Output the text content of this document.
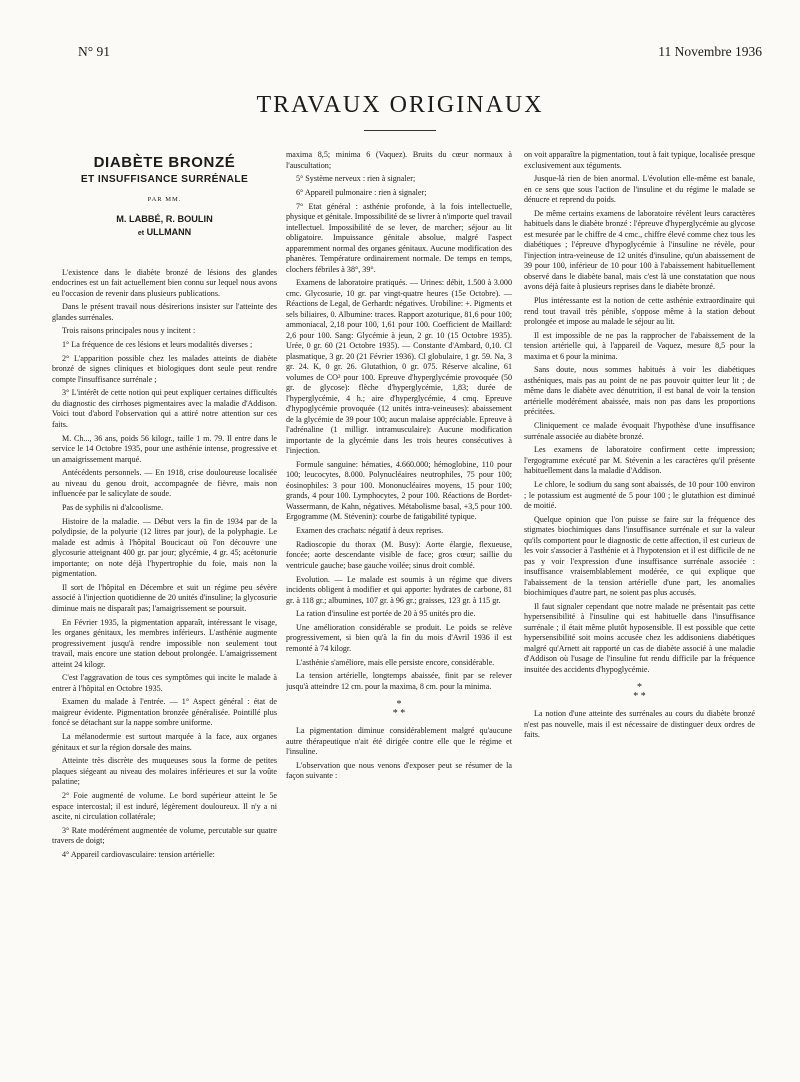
N° 91	11 Novembre 1936
TRAVAUX ORIGINAUX
DIABÈTE BRONZÉ
ET INSUFFISANCE SURRÉNALE
PAR MM.
M. LABBÉ, R. BOULIN
et ULLMANN

L'existence dans le diabète bronzé de lésions des glandes endocrines est un fait actuellement bien connu sur lequel nous avons eu l'occasion de revenir dans plusieurs publications.

Dans le présent travail nous désirerions insister sur l'atteinte des glandes surrénales.

Trois raisons principales nous y incitent :

1° La fréquence de ces lésions et leurs modalités diverses ;

2° L'apparition possible chez les malades atteints de diabète bronzé de signes cliniques et biologiques dont seule peut rendre compte l'insuffisance surrénale ;

3° L'intérêt de cette notion qui peut expliquer certaines difficultés du diagnostic des cirrhoses pigmentaires avec la maladie d'Addison. Voici tout d'abord l'observation qui a attiré notre attention sur ces faits.

M. Ch..., 36 ans, poids 56 kilogr., taille 1 m. 79. Il entre dans le service le 14 Octobre 1935, pour une asthénie intense, progressive et un amaigrissement marqué.

Antécédents personnels. — En 1918, crise douloureuse localisée au niveau du genou droit, accompagnée de fièvre, mais non influencée par le salicylate de soude.

Pas de syphilis ni d'alcoolisme.

Histoire de la maladie. — Début vers la fin de 1934 par de la polydipsie, de la polyurie (12 litres par jour), de la polyphagie. Le malade est admis à l'hôpital Boucicaut où l'on découvre une glycosurie atteignant 400 gr. par jour; glycémie, 4 gr. 45; acétonurie importante; on note déjà l'hypertrophie du foie, mais non la pigmentation.

Il sort de l'hôpital en Décembre et suit un régime peu sévère associé à l'injection quotidienne de 20 unités d'insuline; la glycosurie diminue mais ne disparaît pas; l'amaigrissement se poursuit.

En Février 1935, la pigmentation apparaît, intéressant le visage, les organes génitaux, les membres inférieurs. L'asthénie augmente progressivement jusqu'à rendre impossible non seulement tout travail, mais encore une station debout prolongée. L'amaigrissement atteint 24 kilogr.

C'est l'aggravation de tous ces symptômes qui incite le malade à entrer à l'hôpital en Octobre 1935.

Examen du malade à l'entrée. — 1° Aspect général : état de maigreur évidente. Pigmentation bronzée généralisée. Pointillé plus foncé se détachant sur la nappe sombre uniforme.

La mélanodermie est surtout marquée à la face, aux organes génitaux et sur la région dorsale des mains.

Atteinte très discrète des muqueuses sous la forme de petites plaques siégeant au niveau des molaires inférieures et sur la voûte palatine;

2° Foie augmenté de volume. Le bord supérieur atteint le 5e espace intercostal; il est induré, légèrement douloureux. Il n'y a ni ascite, ni circulation collatérale;

3° Rate modérément augmentée de volume, percutable sur quatre travers de doigt;

4° Appareil cardiovasculaire: tension artérielle:

maxima 8,5; minima 6 (Vaquez). Bruits du cœur normaux à l'auscultation;

5° Système nerveux : rien à signaler;

6° Appareil pulmonaire : rien à signaler;

7° Etat général : asthénie profonde, à la fois intellectuelle, physique et génitale. Impossibilité de se livrer à n'importe quel travail intellectuel. Impossibilité de se lever, de marcher; séjour au lit obligatoire. Impuissance génitale absolue, malgré l'aspect apparemment normal des organes génitaux. Aucune modification des phanères. Température ordinairement normale. De temps en temps, clochers fébriles à 38°, 39°.

Examens de laboratoire pratiqués. — Urines: débit, 1.500 à 3.000 cmc. Glycosurie, 10 gr. par vingt-quatre heures (15e Octobre). — Réactions de Legal, de Gerhardt: négatives. Urobiline: +. Pigments et sels biliaires, 0. Albumine: traces. Rapport azoturique, 81,6 pour 100; ammoniacal, 2,18 pour 100, 1,61 pour 100. Coefficient de Maillard: 2,6 pour 100. Sang: Glycémie à jeun, 2 gr. 10 (15 Octobre 1935). Urée, 0 gr. 60 (21 Octobre 1935). — Constante d'Ambard, 0,10. Cl plasmatique, 3 gr. 20 (21 Février 1936). Cl globulaire, 1 gr. 59. Na, 3 gr. 24. K, 0 gr. 26. Glutathion, 0 gr. 075. Réserve alcaline, 61 volumes de CO² pour 100. Epreuve d'hyperglycémie provoquée (50 gr. de glycose): flèche d'hyperglycémie, 1,83; durée de l'hyperglycémie, 4 h.; aire d'hyperglycémie, 4 cmq. Epreuve d'hypoglycémie provoquée (12 unités intra-veineuses): abaissement de la glycémie de 39 pour 100; aucun malaise appréciable. Epreuve à l'adrénaline (1 milligr. intramusculaire): Aucune modification importante de la glycémie dans les trois heures consécutives à l'injection.

Formule sanguine: hématies, 4.660.000; hémoglobine, 110 pour 100; leucocytes, 8.000. Polynucléaires neutrophiles, 75 pour 100; éosinophiles: 3 pour 100. Mononucléaires moyens, 15 pour 100; grands, 4 pour 100. Lymphocytes, 2 pour 100. Réactions de Bordet-Wassermann, de Kahn, négatives. Métabolisme basal, +3,5 pour 100. Ergogramme (M. Stévenin): courbe de fatigabilité typique.

Examen des crachats: négatif à deux reprises.

Radioscopie du thorax (M. Busy): Aorte élargie, flexueuse, foncée; aorte descendante visible de face; gros cœur; saillie du ventricule gauche; base gauche voilée; sinus droit comblé.

Evolution. — Le malade est soumis à un régime que divers incidents obligent à modifier et qui apporte: hydrates de carbone, 81 gr. à 118 gr.; albumines, 107 gr. à 96 gr.; graisses, 123 gr. à 115 gr.

La ration d'insuline est portée de 20 à 95 unités pro die.

Une amélioration considérable se produit. Le poids se relève progressivement, si bien qu'à la fin du mois d'Avril 1936 il est remonté à 74 kilogr.

L'asthénie s'améliore, mais elle persiste encore, considérable.

La tension artérielle, longtemps abaissée, finit par se relever jusqu'à atteindre 12 cm. pour la maxima, 8 cm. pour la minima.

*
* *

La pigmentation diminue considérablement malgré qu'aucune autre thérapeutique n'ait été dirigée contre elle que le régime et l'insuline.

L'observation que nous venons d'exposer peut se résumer de la façon suivante :

on voit apparaître la pigmentation, tout à fait typique, localisée presque exclusivement aux téguments.

Jusque-là rien de bien anormal. L'évolution elle-même est banale, en ce sens que sous l'action de l'insuline et du régime le malade se dénucre et reprend du poids.

De même certains examens de laboratoire révèlent leurs caractères habituels dans le diabète bronzé : l'épreuve d'hyperglycémie au glycose est mesurée par le chiffre de 4 cmc., chiffre élevé comme chez tous les diabétiques ; l'épreuve d'hypoglycémie à l'insuline ne révèle, pour l'injection intra-veineuse de 12 unités d'insuline, qu'un abaissement de 39 pour 100, inférieur de 10 pour 100 à l'abaissement habituellement observé dans le diabète banal, mais c'est là une constatation que nous avons déjà faite à plusieurs reprises dans le diabète bronzé.

Plus intéressante est la notion de cette asthénie extraordinaire qui rend tout travail très pénible, s'oppose même à la station debout prolongée et impose au malade le séjour au lit.

Il est impossible de ne pas la rapprocher de l'abaissement de la tension artérielle qui, à l'appareil de Vaquez, mesure 8,5 pour la maxima et 6 pour la minima.

Sans doute, nous sommes habitués à voir les diabétiques asthéniques, mais pas au point de ne pas pouvoir quitter leur lit ; de même dans le diabète avec dénutrition, il est banal de voir la tension artérielle modérément abaissée, mais non pas dans les proportions précitées.

Cliniquement ce malade évoquait l'hypothèse d'une insuffisance surrénale associée au diabète bronzé.

Les examens de laboratoire confirment cette impression; l'ergogramme exécuté par M. Stévenin a les caractères qu'il présente habituellement dans la maladie d'Addison.

Le chlore, le sodium du sang sont abaissés, de 10 pour 100 environ ; le potassium est augmenté de 5 pour 100 ; le glutathion est diminué de moitié.

Quelque opinion que l'on puisse se faire sur la fréquence des stigmates biochimiques dans l'insuffisance surrénale et sur la valeur qu'ils comportent pour le diagnostic de cette affection, il est curieux de les voir s'associer à l'asthénie et à l'hypotension et il est difficile de ne pas y voir l'expression d'une insuffisance surrénale associée : insuffisance vraisemblablement modérée, ce qui explique que l'abaissement de la tension artérielle d'une part, les anomalies biochimiques d'autre part, ne soient pas plus accusés.

Il faut signaler cependant que notre malade ne présentait pas cette hypersensibilité à l'insuline qui est habituelle dans l'insuffisance surrénale ; il était même plutôt hyposensible. Il est possible que cette hypersensibilité soit moins accusée chez les addisoniens diabétiques malgré qu'Arnett ait rapporté un cas de diabète associé à une maladie d'Addison où l'usage de l'insuline fut rendu difficile par la fréquence insuitée des accidents d'hypoglycémie.

*
* *

La notion d'une atteinte des surrénales au cours du diabète bronzé n'est pas nouvelle, mais il est nécessaire de distinguer deux ordres de faits.
